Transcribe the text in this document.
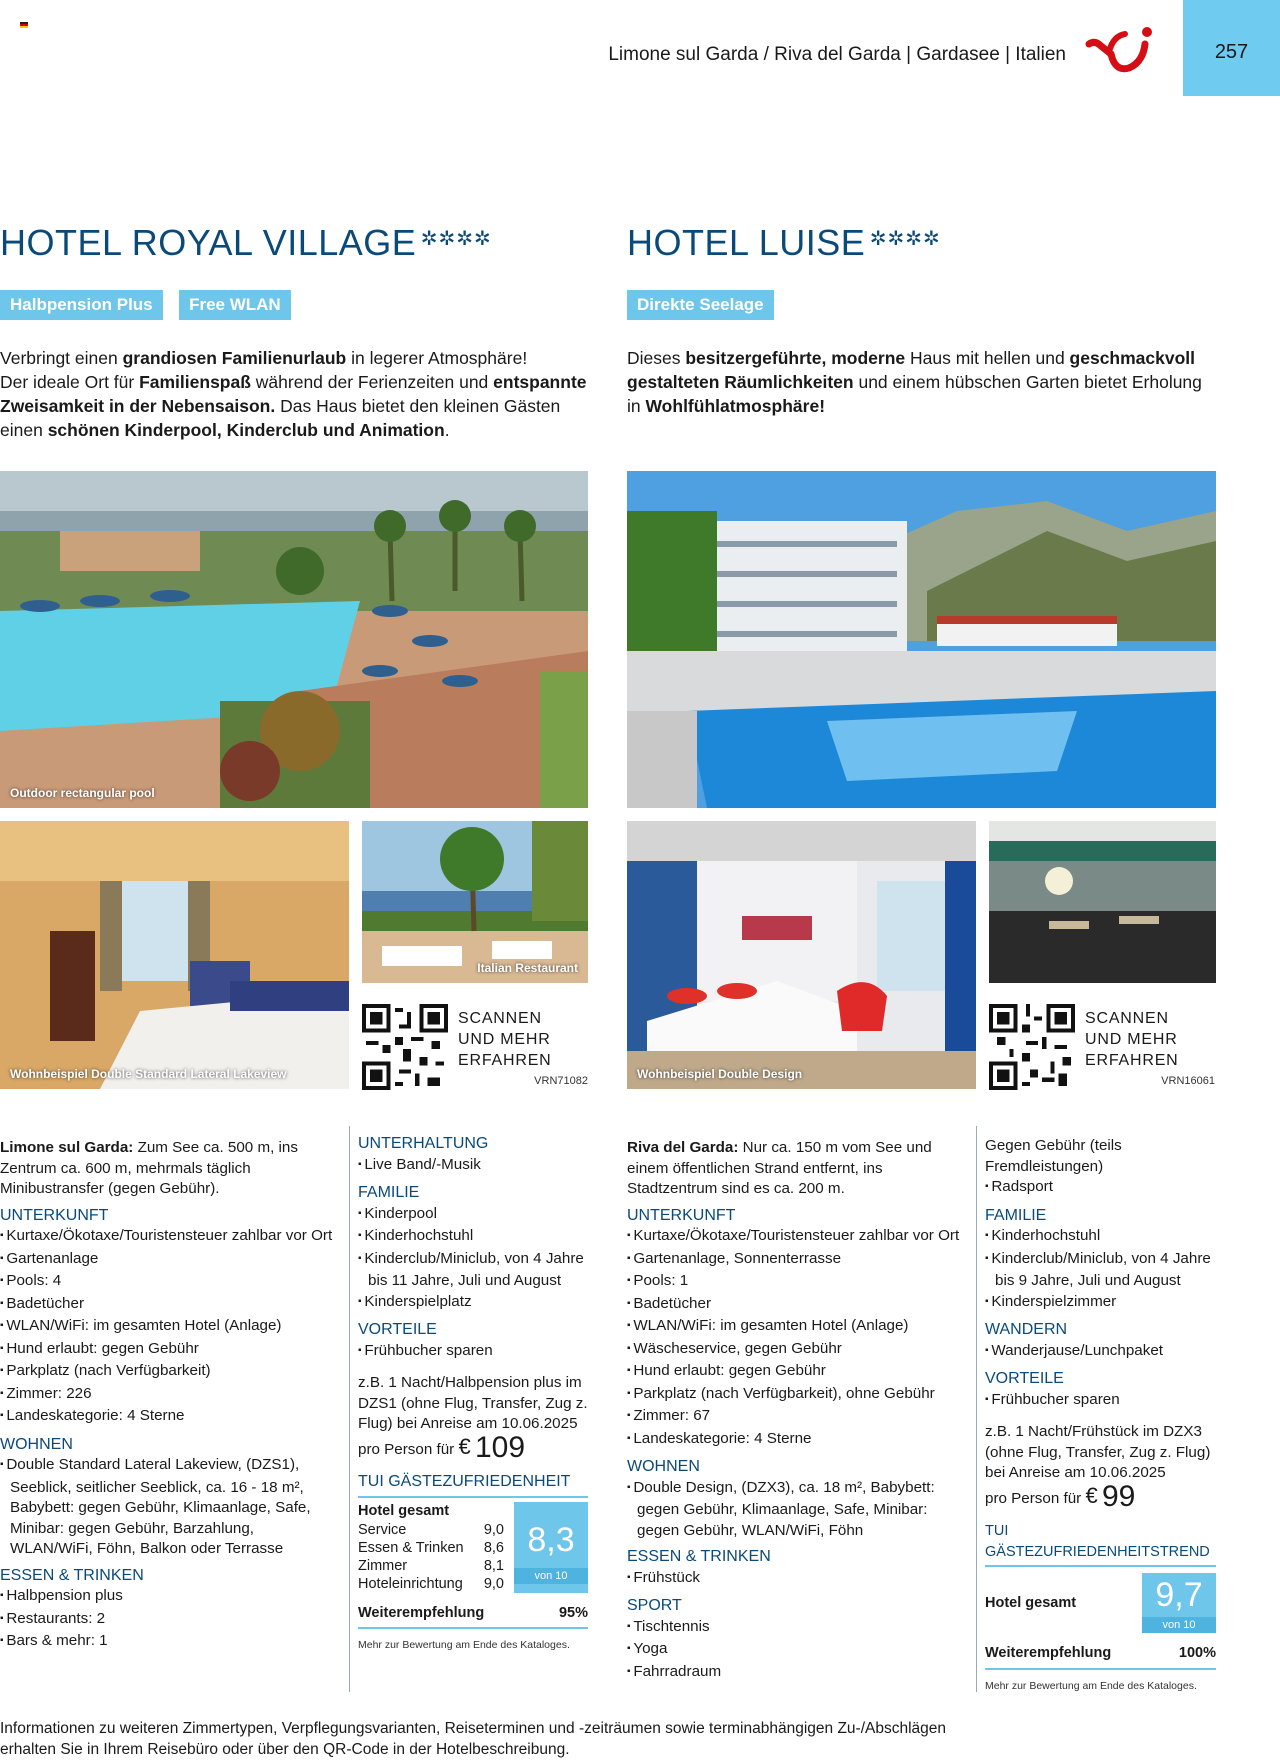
Limone sul Garda / Riva del Garda | Gardasee | Italien	257
HOTEL ROYAL VILLAGE ✲✲✲✲
Halbpension Plus Free WLAN
Verbringt einen grandiosen Familienurlaub in legerer Atmosphäre!
Der ideale Ort für Familienspaß während der Ferienzeiten und entspannte Zweisamkeit in der Nebensaison. Das Haus bietet den kleinen Gästen einen schönen Kinderpool, Kinderclub und Animation.
HOTEL LUISE ✲✲✲✲
Direkte Seelage
Dieses besitzergeführte, moderne Haus mit hellen und geschmackvoll gestalteten Räumlichkeiten und einem hübschen Garten bietet Erholung in Wohlfühlatmosphäre!
Outdoor rectangular pool
Wohnbeispiel Double Standard Lateral Lakeview
Italian Restaurant
SCANNEN
UND MEHR
ERFAHREN
VRN71082	Wohnbeispiel Double Design
SCANNEN
UND MEHR
ERFAHREN
VRN16061
Limone sul Garda: Zum See ca. 500 m, ins Zentrum ca. 600 m, mehrmals täglich Minibustransfer (gegen Gebühr).
UNTERKUNFT
▪ Kurtaxe/Ökotaxe/Touristensteuer zahlbar vor Ort
▪ Gartenanlage
▪ Pools: 4
▪ Badetücher
▪ WLAN/WiFi: im gesamten Hotel (Anlage)
▪ Hund erlaubt: gegen Gebühr
▪ Parkplatz (nach Verfügbarkeit)
▪ Zimmer: 226
▪ Landeskategorie: 4 Sterne
WOHNEN
▪ Double Standard Lateral Lakeview, (DZS1), Seeblick, seitlicher Seeblick, ca. 16 - 18 m², Babybett: gegen Gebühr, Klimaanlage, Safe, Minibar: gegen Gebühr, Barzahlung, WLAN/WiFi, Föhn, Balkon oder Terrasse
ESSEN & TRINKEN
▪ Halbpension plus
▪ Restaurants: 2
▪ Bars & mehr: 1
UNTERHALTUNG
▪ Live Band/-Musik
FAMILIE
▪ Kinderpool
▪ Kinderhochstuhl
▪ Kinderclub/Miniclub, von 4 Jahre bis 11 Jahre, Juli und August
▪ Kinderspielplatz
VORTEILE
▪ Frühbucher sparen
z.B. 1 Nacht/Halbpension plus im DZS1 (ohne Flug, Transfer, Zug z. Flug) bei Anreise am 10.06.2025
pro Person für € 109
TUI GÄSTEZUFRIEDENHEIT
Hotel gesamt
Service	9,0
Essen & Trinken 8,6
Zimmer	8,1
Hoteleinrichtung 9,0
8,3
von 10
Weiterempfehlung	95%
Mehr zur Bewertung am Ende des Kataloges.
Riva del Garda: Nur ca. 150 m vom See und einem öffentlichen Strand entfernt, ins Stadtzentrum sind es ca. 200 m.
UNTERKUNFT
▪ Kurtaxe/Ökotaxe/Touristensteuer zahlbar vor Ort
▪ Gartenanlage, Sonnenterrasse
▪ Pools: 1
▪ Badetücher
▪ WLAN/WiFi: im gesamten Hotel (Anlage)
▪ Wäscheservice, gegen Gebühr
▪ Hund erlaubt: gegen Gebühr
▪ Parkplatz (nach Verfügbarkeit), ohne Gebühr
▪ Zimmer: 67
▪ Landeskategorie: 4 Sterne
WOHNEN
▪ Double Design, (DZX3), ca. 18 m², Babybett: gegen Gebühr, Klimaanlage, Safe, Minibar: gegen Gebühr, WLAN/WiFi, Föhn
ESSEN & TRINKEN
▪ Frühstück
SPORT
▪ Tischtennis
▪ Yoga
▪ Fahrradraum
Gegen Gebühr (teils Fremdleistungen)
▪ Radsport
FAMILIE
▪ Kinderhochstuhl
▪ Kinderclub/Miniclub, von 4 Jahre bis 9 Jahre, Juli und August
▪ Kinderspielzimmer
WANDERN
▪ Wanderjause/Lunchpaket
VORTEILE
▪ Frühbucher sparen
z.B. 1 Nacht/Frühstück im DZX3 (ohne Flug, Transfer, Zug z. Flug) bei Anreise am 10.06.2025
pro Person für € 99
TUI GÄSTEZUFRIEDENHEITSTREND
Hotel gesamt	9,7
von 10
Weiterempfehlung	100%
Mehr zur Bewertung am Ende des Kataloges.
Informationen zu weiteren Zimmertypen, Verpflegungsvarianten, Reiseterminen und -zeiträumen sowie terminabhängigen Zu-/Abschlägen erhalten Sie in Ihrem Reisebüro oder über den QR-Code in der Hotelbeschreibung.
